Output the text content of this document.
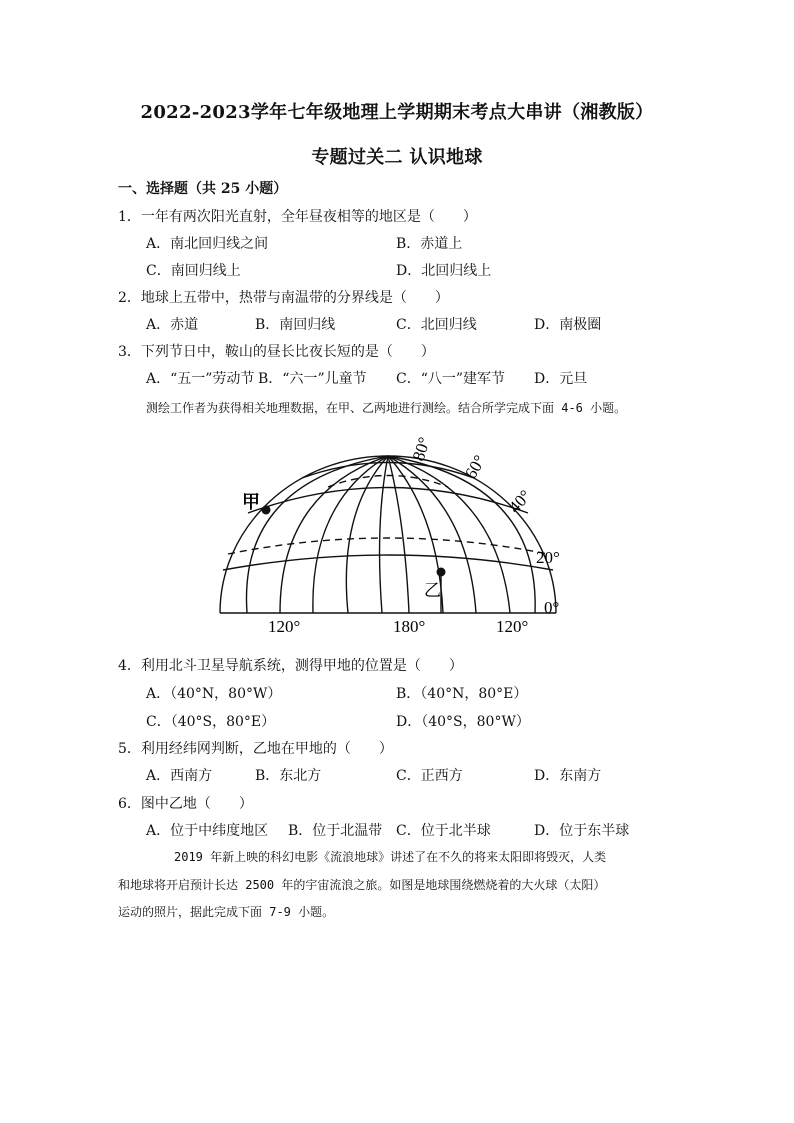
2022-2023学年七年级地理上学期期末考点大串讲（湘教版）
专题过关二 认识地球
一、选择题（共 25 小题）
1．一年有两次阳光直射，全年昼夜相等的地区是（　　）
A．南北回归线之间	B．赤道上
C．南回归线上	D．北回归线上
2．地球上五带中，热带与南温带的分界线是（　　）
A．赤道	B．南回归线	C．北回归线	D．南极圈
3．下列节日中，鞍山的昼长比夜长短的是（　　）
A．“五一”劳动节 B．“六一”儿童节 C．“八一”建军节 D．元旦
测绘工作者为获得相关地理数据，在甲、乙两地进行测绘。结合所学完成下面 4-6 小题。
甲
乙
80°
60°
40°
20°
0°
120°	180°	120°
4．利用北斗卫星导航系统，测得甲地的位置是（　　）
A．（40°N，80°W）	B．（40°N，80°E）
C．（40°S，80°E）	D．（40°S，80°W）
5．利用经纬网判断，乙地在甲地的（　　）
A．西南方	B．东北方	C．正西方	D．东南方
6．图中乙地（　　）
A．位于中纬度地区 B．位于北温带 C．位于北半球	D．位于东半球
2019 年新上映的科幻电影《流浪地球》讲述了在不久的将来太阳即将毁灭，人类
和地球将开启预计长达 2500 年的宇宙流浪之旅。如图是地球围绕燃烧着的大火球（太阳）
运动的照片，据此完成下面 7-9 小题。
